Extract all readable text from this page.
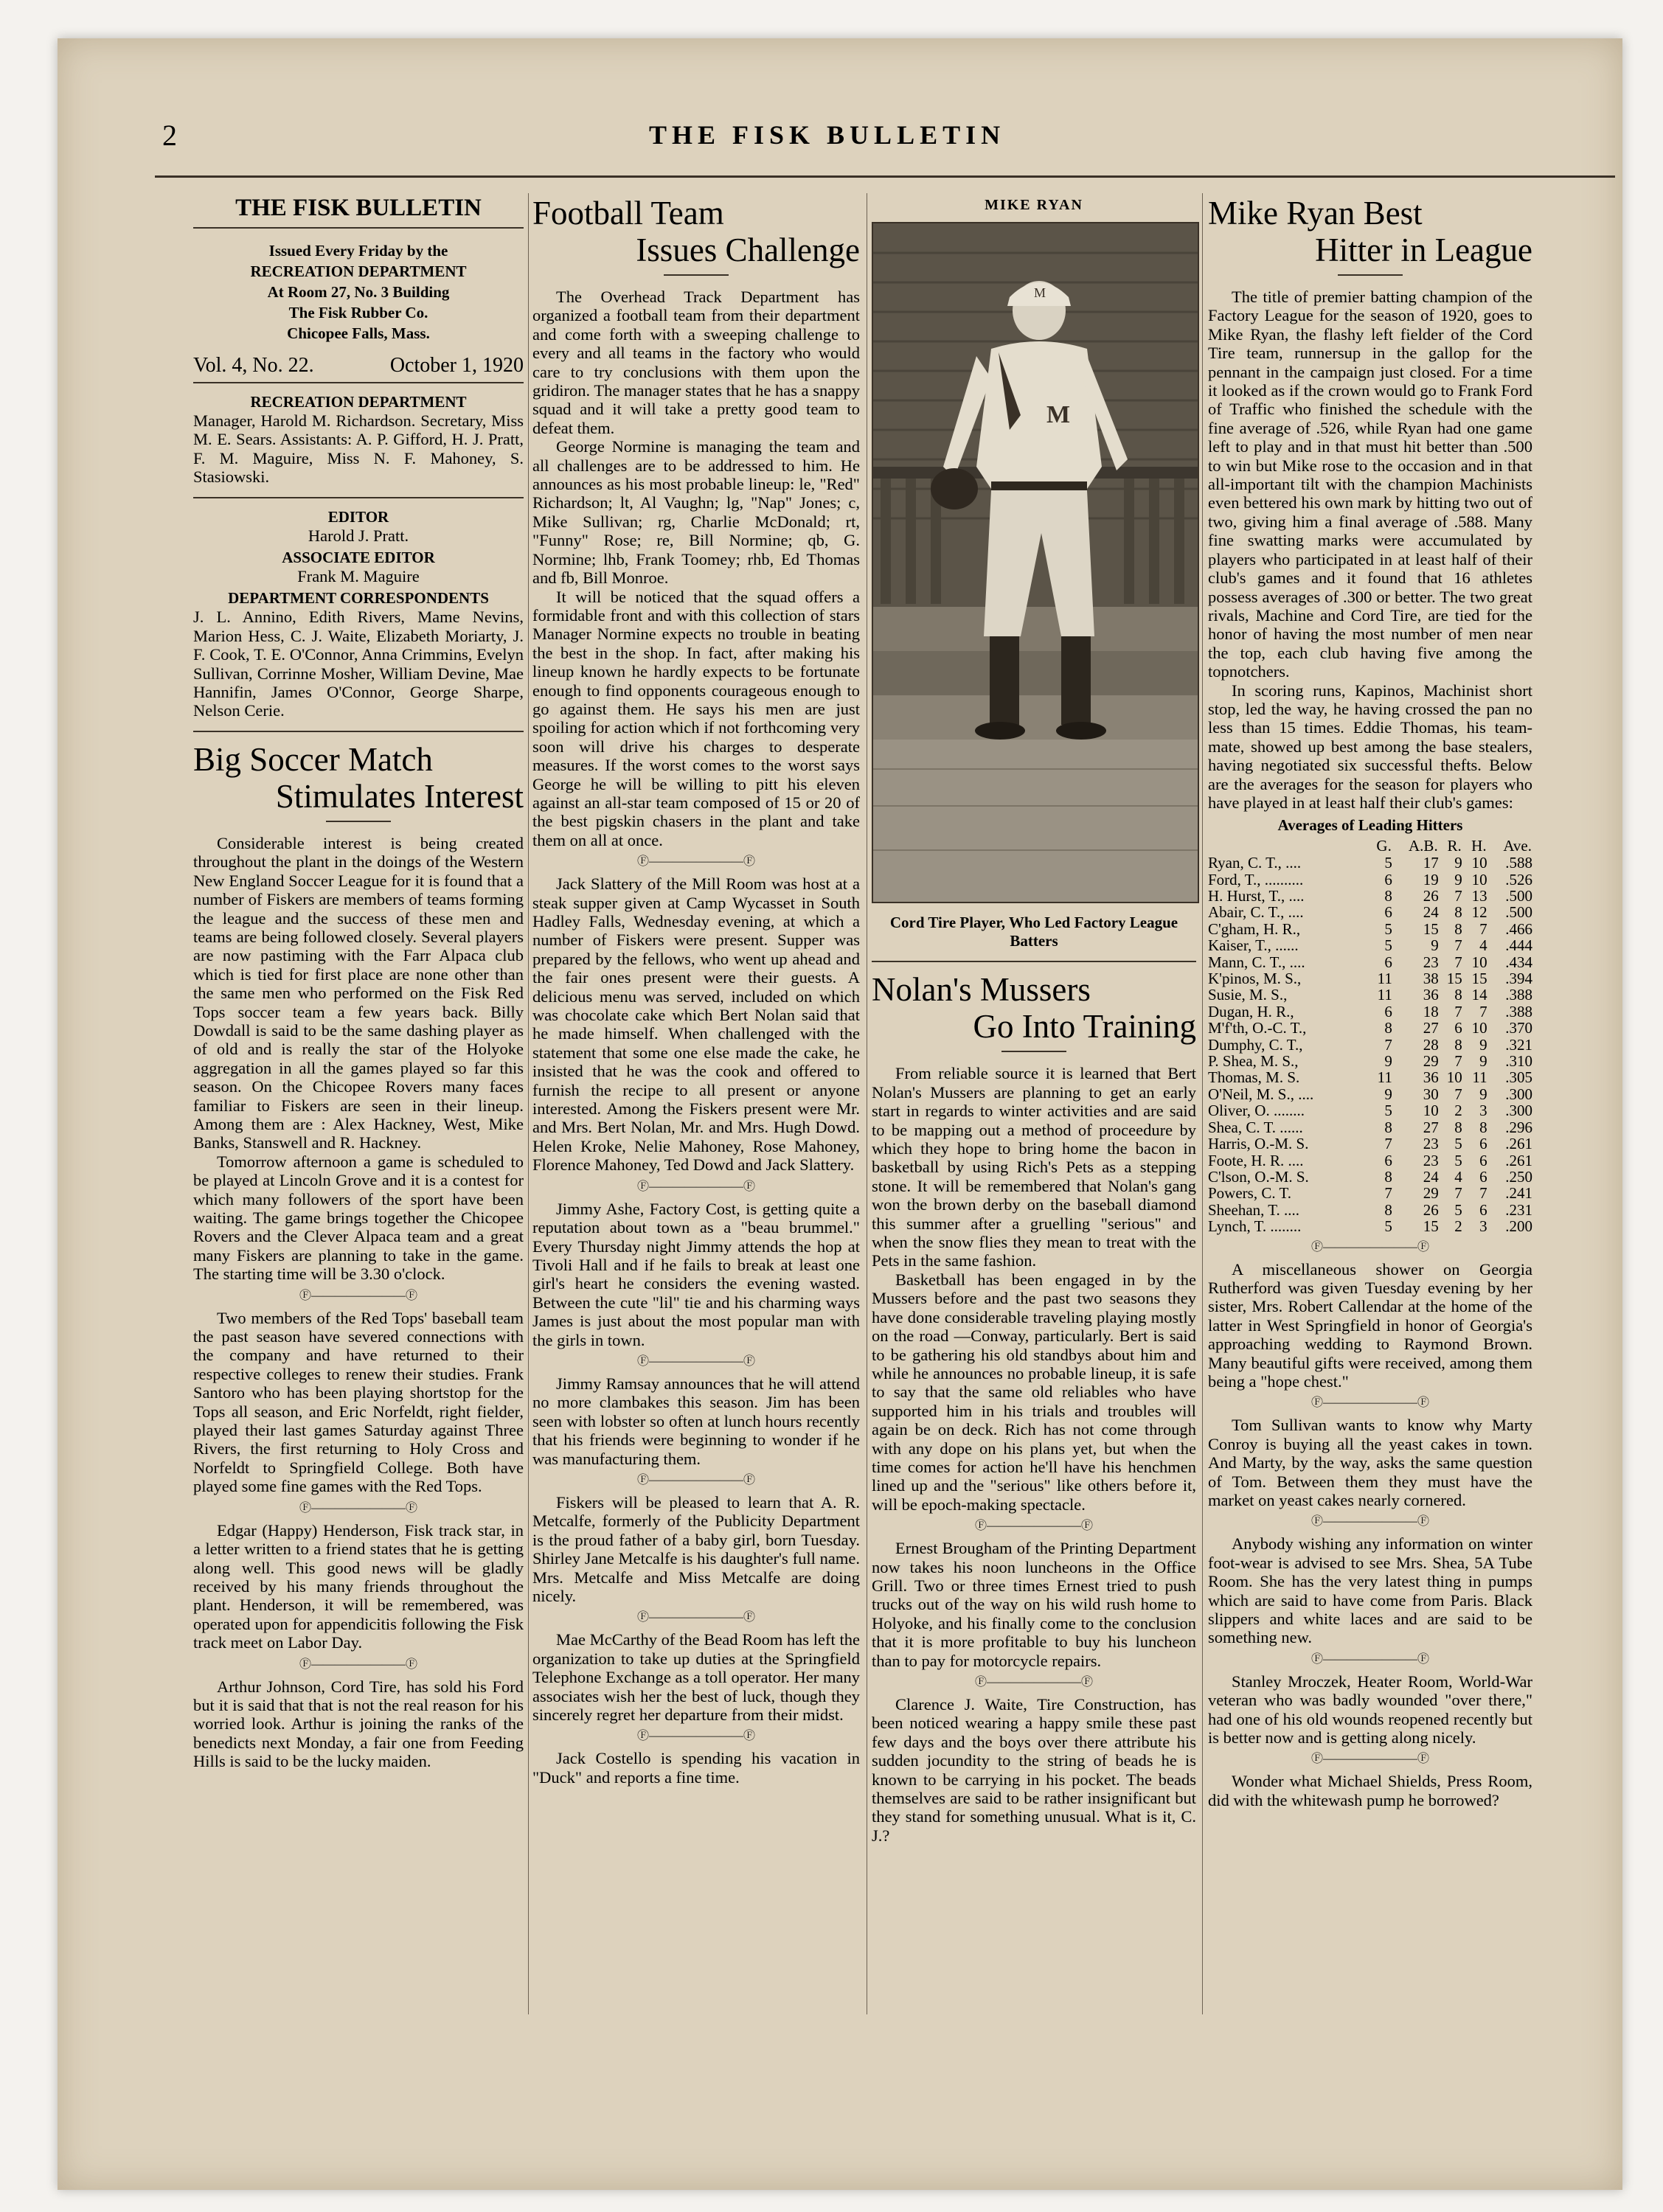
2	THE FISK BULLETIN
THE FISK BULLETIN
Issued Every Friday by the
RECREATION DEPARTMENT
At Room 27, No. 3 Building
The Fisk Rubber Co.
Chicopee Falls, Mass.
Vol. 4, No. 22.	October 1, 1920
RECREATION DEPARTMENT
Manager, Harold M. Richardson. Secretary, Miss M. E. Sears. Assistants: A. P. Gifford, H. J. Pratt, F. M. Maguire, Miss N. F. Mahoney, S. Stasiowski.
EDITOR
Harold J. Pratt.
ASSOCIATE EDITOR
Frank M. Maguire
DEPARTMENT CORRESPONDENTS
J. L. Annino, Edith Rivers, Mame Nevins, Marion Hess, C. J. Waite, Elizabeth Moriarty, J. F. Cook, T. E. O'Connor, Anna Crimmins, Evelyn Sullivan, Corrinne Mosher, William Devine, Mae Hannifin, James O'Connor, George Sharpe, Nelson Cerie.
Big Soccer Match
Stimulates Interest

Considerable interest is being created throughout the plant in the doings of the Western New England Soccer League for it is found that a number of Fiskers are members of teams forming the league and the success of these men and teams are being followed closely. Several players are now pastiming with the Farr Alpaca club which is tied for first place are none other than the same men who performed on the Fisk Red Tops soccer team a few years back. Billy Dowdall is said to be the same dashing player as of old and is really the star of the Holyoke aggregation in all the games played so far this season. On the Chicopee Rovers many faces familiar to Fiskers are seen in their lineup. Among them are : Alex Hackney, West, Mike Banks, Stanswell and R. Hackney.

Tomorrow afternoon a game is scheduled to be played at Lincoln Grove and it is a contest for which many followers of the sport have been waiting. The game brings together the Chicopee Rovers and the Clever Alpaca team and a great many Fiskers are planning to take in the game. The starting time will be 3.30 o'clock.

Ⓕ————————Ⓕ

Two members of the Red Tops' baseball team the past season have severed connections with the company and have returned to their respective colleges to renew their studies. Frank Santoro who has been playing shortstop for the Tops all season, and Eric Norfeldt, right fielder, played their last games Saturday against Three Rivers, the first returning to Holy Cross and Norfeldt to Springfield College. Both have played some fine games with the Red Tops.

Ⓕ————————Ⓕ

Edgar (Happy) Henderson, Fisk track star, in a letter written to a friend states that he is getting along well. This good news will be gladly received by his many friends throughout the plant. Henderson, it will be remembered, was operated upon for appendicitis following the Fisk track meet on Labor Day.

Ⓕ————————Ⓕ

Arthur Johnson, Cord Tire, has sold his Ford but it is said that that is not the real reason for his worried look. Arthur is joining the ranks of the benedicts next Monday, a fair one from Feeding Hills is said to be the lucky maiden.

Football Team
Issues Challenge

The Overhead Track Department has organized a football team from their department and come forth with a sweeping challenge to every and all teams in the factory who would care to try conclusions with them upon the gridiron. The manager states that he has a snappy squad and it will take a pretty good team to defeat them.

George Normine is managing the team and all challenges are to be addressed to him. He announces as his most probable lineup: le, "Red" Richardson; lt, Al Vaughn; lg, "Nap" Jones; c, Mike Sullivan; rg, Charlie McDonald; rt, "Funny" Rose; re, Bill Normine; qb, G. Normine; lhb, Frank Toomey; rhb, Ed Thomas and fb, Bill Monroe.

It will be noticed that the squad offers a formidable front and with this collection of stars Manager Normine expects no trouble in beating the best in the shop. In fact, after making his lineup known he hardly expects to be fortunate enough to find opponents courageous enough to go against them. He says his men are just spoiling for action which if not forthcoming very soon will drive his charges to desperate measures. If the worst comes to the worst says George he will be willing to pitt his eleven against an all-star team composed of 15 or 20 of the best pigskin chasers in the plant and take them on all at once.

Ⓕ————————Ⓕ

Jack Slattery of the Mill Room was host at a steak supper given at Camp Wycasset in South Hadley Falls, Wednesday evening, at which a number of Fiskers were present. Supper was prepared by the fellows, who went up ahead and the fair ones present were their guests. A delicious menu was served, included on which was chocolate cake which Bert Nolan said that he made himself. When challenged with the statement that some one else made the cake, he insisted that he was the cook and offered to furnish the recipe to all present or anyone interested. Among the Fiskers present were Mr. and Mrs. Bert Nolan, Mr. and Mrs. Hugh Dowd. Helen Kroke, Nelie Mahoney, Rose Mahoney, Florence Mahoney, Ted Dowd and Jack Slattery.

Ⓕ————————Ⓕ

Jimmy Ashe, Factory Cost, is getting quite a reputation about town as a "beau brummel." Every Thursday night Jimmy attends the hop at Tivoli Hall and if he fails to break at least one girl's heart he considers the evening wasted. Between the cute "lil" tie and his charming ways James is just about the most popular man with the girls in town.

Ⓕ————————Ⓕ

Jimmy Ramsay announces that he will attend no more clambakes this season. Jim has been seen with lobster so often at lunch hours recently that his friends were beginning to wonder if he was manufacturing them.

Ⓕ————————Ⓕ

Fiskers will be pleased to learn that A. R. Metcalfe, formerly of the Publicity Department is the proud father of a baby girl, born Tuesday. Shirley Jane Metcalfe is his daughter's full name. Mrs. Metcalfe and Miss Metcalfe are doing nicely.

Ⓕ————————Ⓕ

Mae McCarthy of the Bead Room has left the organization to take up duties at the Springfield Telephone Exchange as a toll operator. Her many associates wish her the best of luck, though they sincerely regret her departure from their midst.

Ⓕ————————Ⓕ

Jack Costello is spending his vacation in "Duck" and reports a fine time.

MIKE RYAN
M
M
Cord Tire Player, Who Led Factory League Batters
Nolan's Mussers
Go Into Training

From reliable source it is learned that Bert Nolan's Mussers are planning to get an early start in regards to winter activities and are said to be mapping out a method of proceedure by which they hope to bring home the bacon in basketball by using Rich's Pets as a stepping stone. It will be remembered that Nolan's gang won the brown derby on the baseball diamond this summer after a gruelling "serious" and when the snow flies they mean to treat with the Pets in the same fashion.

Basketball has been engaged in by the Mussers before and the past two seasons they have done considerable traveling playing mostly on the road —Conway, particularly. Bert is said to be gathering his old standbys about him and while he announces no probable lineup, it is safe to say that the same old reliables who have supported him in his trials and troubles will again be on deck. Rich has not come through with any dope on his plans yet, but when the time comes for action he'll have his henchmen lined up and the "serious" like others before it, will be epoch-making spectacle.

Ⓕ————————Ⓕ

Ernest Brougham of the Printing Department now takes his noon luncheons in the Office Grill. Two or three times Ernest tried to push trucks out of the way on his wild rush home to Holyoke, and his finally come to the conclusion that it is more profitable to buy his luncheon than to pay for motorcycle repairs.

Ⓕ————————Ⓕ

Clarence J. Waite, Tire Construction, has been noticed wearing a happy smile these past few days and the boys over there attribute his sudden jocundity to the string of beads he is known to be carrying in his pocket. The beads themselves are said to be rather insignificant but they stand for something unusual. What is it, C. J.?

Mike Ryan Best
Hitter in League

The title of premier batting champion of the Factory League for the season of 1920, goes to Mike Ryan, the flashy left fielder of the Cord Tire team, runnersup in the gallop for the pennant in the campaign just closed. For a time it looked as if the crown would go to Frank Ford of Traffic who finished the schedule with the fine average of .526, while Ryan had one game left to play and in that must hit better than .500 to win but Mike rose to the occasion and in that all-important tilt with the champion Machinists even bettered his own mark by hitting two out of two, giving him a final average of .588. Many fine swatting marks were accumulated by players who participated in at least half of their club's games and it found that 16 athletes possess averages of .300 or better. The two great rivals, Machine and Cord Tire, are tied for the honor of having the most number of men near the top, each club having five among the topnotchers.

In scoring runs, Kapinos, Machinist short stop, led the way, he having crossed the pan no less than 15 times. Eddie Thomas, his team-mate, showed up best among the base stealers, having negotiated six successful thefts. Below are the averages for the season for players who have played in at least half their club's games:

Averages of Leading Hitters
	G.	A.B.	R.	H.	Ave.
Ryan, C. T., ....	5	17	9	10	.588
Ford, T., ..........	6	19	9	10	.526
H. Hurst, T., ....	8	26	7	13	.500
Abair, C. T., ....	6	24	8	12	.500
C'gham, H. R.,	5	15	8	7	.466
Kaiser, T., ......	5	9	7	4	.444
Mann, C. T., ....	6	23	7	10	.434
K'pinos, M. S.,	11	38	15	15	.394
Susie, M. S.,	11	36	8	14	.388
Dugan, H. R.,	6	18	7	7	.388
M'f'th, O.-C. T.,	8	27	6	10	.370
Dumphy, C. T.,	7	28	8	9	.321
P. Shea, M. S.,	9	29	7	9	.310
Thomas, M. S.	11	36	10	11	.305
O'Neil, M. S., ....	9	30	7	9	.300
Oliver, O. ........	5	10	2	3	.300
Shea, C. T. ......	8	27	8	8	.296
Harris, O.-M. S.	7	23	5	6	.261
Foote, H. R. ....	6	23	5	6	.261
C'lson, O.-M. S.	8	24	4	6	.250
Powers, C. T.	7	29	7	7	.241
Sheehan, T. ....	8	26	5	6	.231
Lynch, T. ........	5	15	2	3	.200
Ⓕ————————Ⓕ

A miscellaneous shower on Georgia Rutherford was given Tuesday evening by her sister, Mrs. Robert Callendar at the home of the latter in West Springfield in honor of Georgia's approaching wedding to Raymond Brown. Many beautiful gifts were received, among them being a "hope chest."

Ⓕ————————Ⓕ

Tom Sullivan wants to know why Marty Conroy is buying all the yeast cakes in town. And Marty, by the way, asks the same question of Tom. Between them they must have the market on yeast cakes nearly cornered.

Ⓕ————————Ⓕ

Anybody wishing any information on winter foot-wear is advised to see Mrs. Shea, 5A Tube Room. She has the very latest thing in pumps which are said to have come from Paris. Black slippers and white laces and are said to be something new.

Ⓕ————————Ⓕ

Stanley Mroczek, Heater Room, World-War veteran who was badly wounded "over there," had one of his old wounds reopened recently but is better now and is getting along nicely.

Ⓕ————————Ⓕ

Wonder what Michael Shields, Press Room, did with the whitewash pump he borrowed?
